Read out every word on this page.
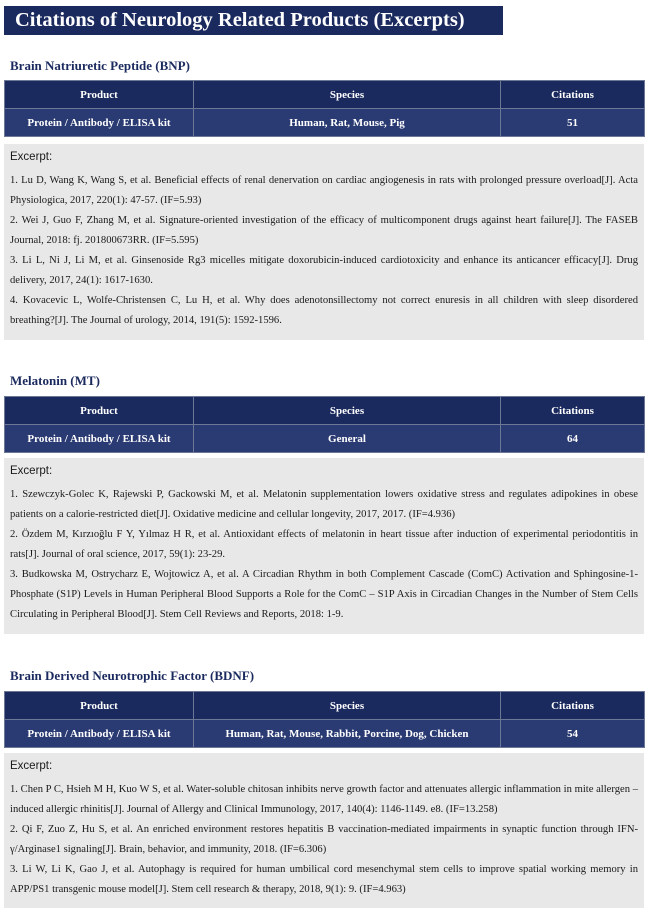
Citations of Neurology Related Products (Excerpts)
Brain Natriuretic Peptide (BNP)
Product	Species	Citations
Protein / Antibody / ELISA kit	Human, Rat, Mouse, Pig	51
Excerpt:
1. Lu D, Wang K, Wang S, et al. Beneficial effects of renal denervation on cardiac angiogenesis in rats with prolonged pressure overload[J]. Acta Physiologica, 2017, 220(1): 47-57. (IF=5.93)
2. Wei J, Guo F, Zhang M, et al. Signature-oriented investigation of the efficacy of multicomponent drugs against heart failure[J]. The FASEB Journal, 2018: fj. 201800673RR. (IF=5.595)
3. Li L, Ni J, Li M, et al. Ginsenoside Rg3 micelles mitigate doxorubicin-induced cardiotoxicity and enhance its anticancer efficacy[J]. Drug delivery, 2017, 24(1): 1617-1630.
4. Kovacevic L, Wolfe-Christensen C, Lu H, et al. Why does adenotonsillectomy not correct enuresis in all children with sleep disordered breathing?[J]. The Journal of urology, 2014, 191(5): 1592-1596.
Melatonin (MT)
Product	Species	Citations
Protein / Antibody / ELISA kit	General	64
Excerpt:
1. Szewczyk-Golec K, Rajewski P, Gackowski M, et al. Melatonin supplementation lowers oxidative stress and regulates adipokines in obese patients on a calorie-restricted diet[J]. Oxidative medicine and cellular longevity, 2017, 2017. (IF=4.936)
2. Özdem M, Kırzıoğlu F Y, Yılmaz H R, et al. Antioxidant effects of melatonin in heart tissue after induction of experimental periodontitis in rats[J]. Journal of oral science, 2017, 59(1): 23-29.
3. Budkowska M, Ostrycharz E, Wojtowicz A, et al. A Circadian Rhythm in both Complement Cascade (ComC) Activation and Sphingosine-1-Phosphate (S1P) Levels in Human Peripheral Blood Supports a Role for the ComC – S1P Axis in Circadian Changes in the Number of Stem Cells Circulating in Peripheral Blood[J]. Stem Cell Reviews and Reports, 2018: 1-9.
Brain Derived Neurotrophic Factor (BDNF)
Product	Species	Citations
Protein / Antibody / ELISA kit	Human, Rat, Mouse, Rabbit, Porcine, Dog, Chicken	54
Excerpt:
1. Chen P C, Hsieh M H, Kuo W S, et al. Water-soluble chitosan inhibits nerve growth factor and attenuates allergic inflammation in mite allergen – induced allergic rhinitis[J]. Journal of Allergy and Clinical Immunology, 2017, 140(4): 1146-1149. e8. (IF=13.258)
2. Qi F, Zuo Z, Hu S, et al. An enriched environment restores hepatitis B vaccination-mediated impairments in synaptic function through IFN-γ/Arginase1 signaling[J]. Brain, behavior, and immunity, 2018. (IF=6.306)
3. Li W, Li K, Gao J, et al. Autophagy is required for human umbilical cord mesenchymal stem cells to improve spatial working memory in APP/PS1 transgenic mouse model[J]. Stem cell research & therapy, 2018, 9(1): 9. (IF=4.963)
